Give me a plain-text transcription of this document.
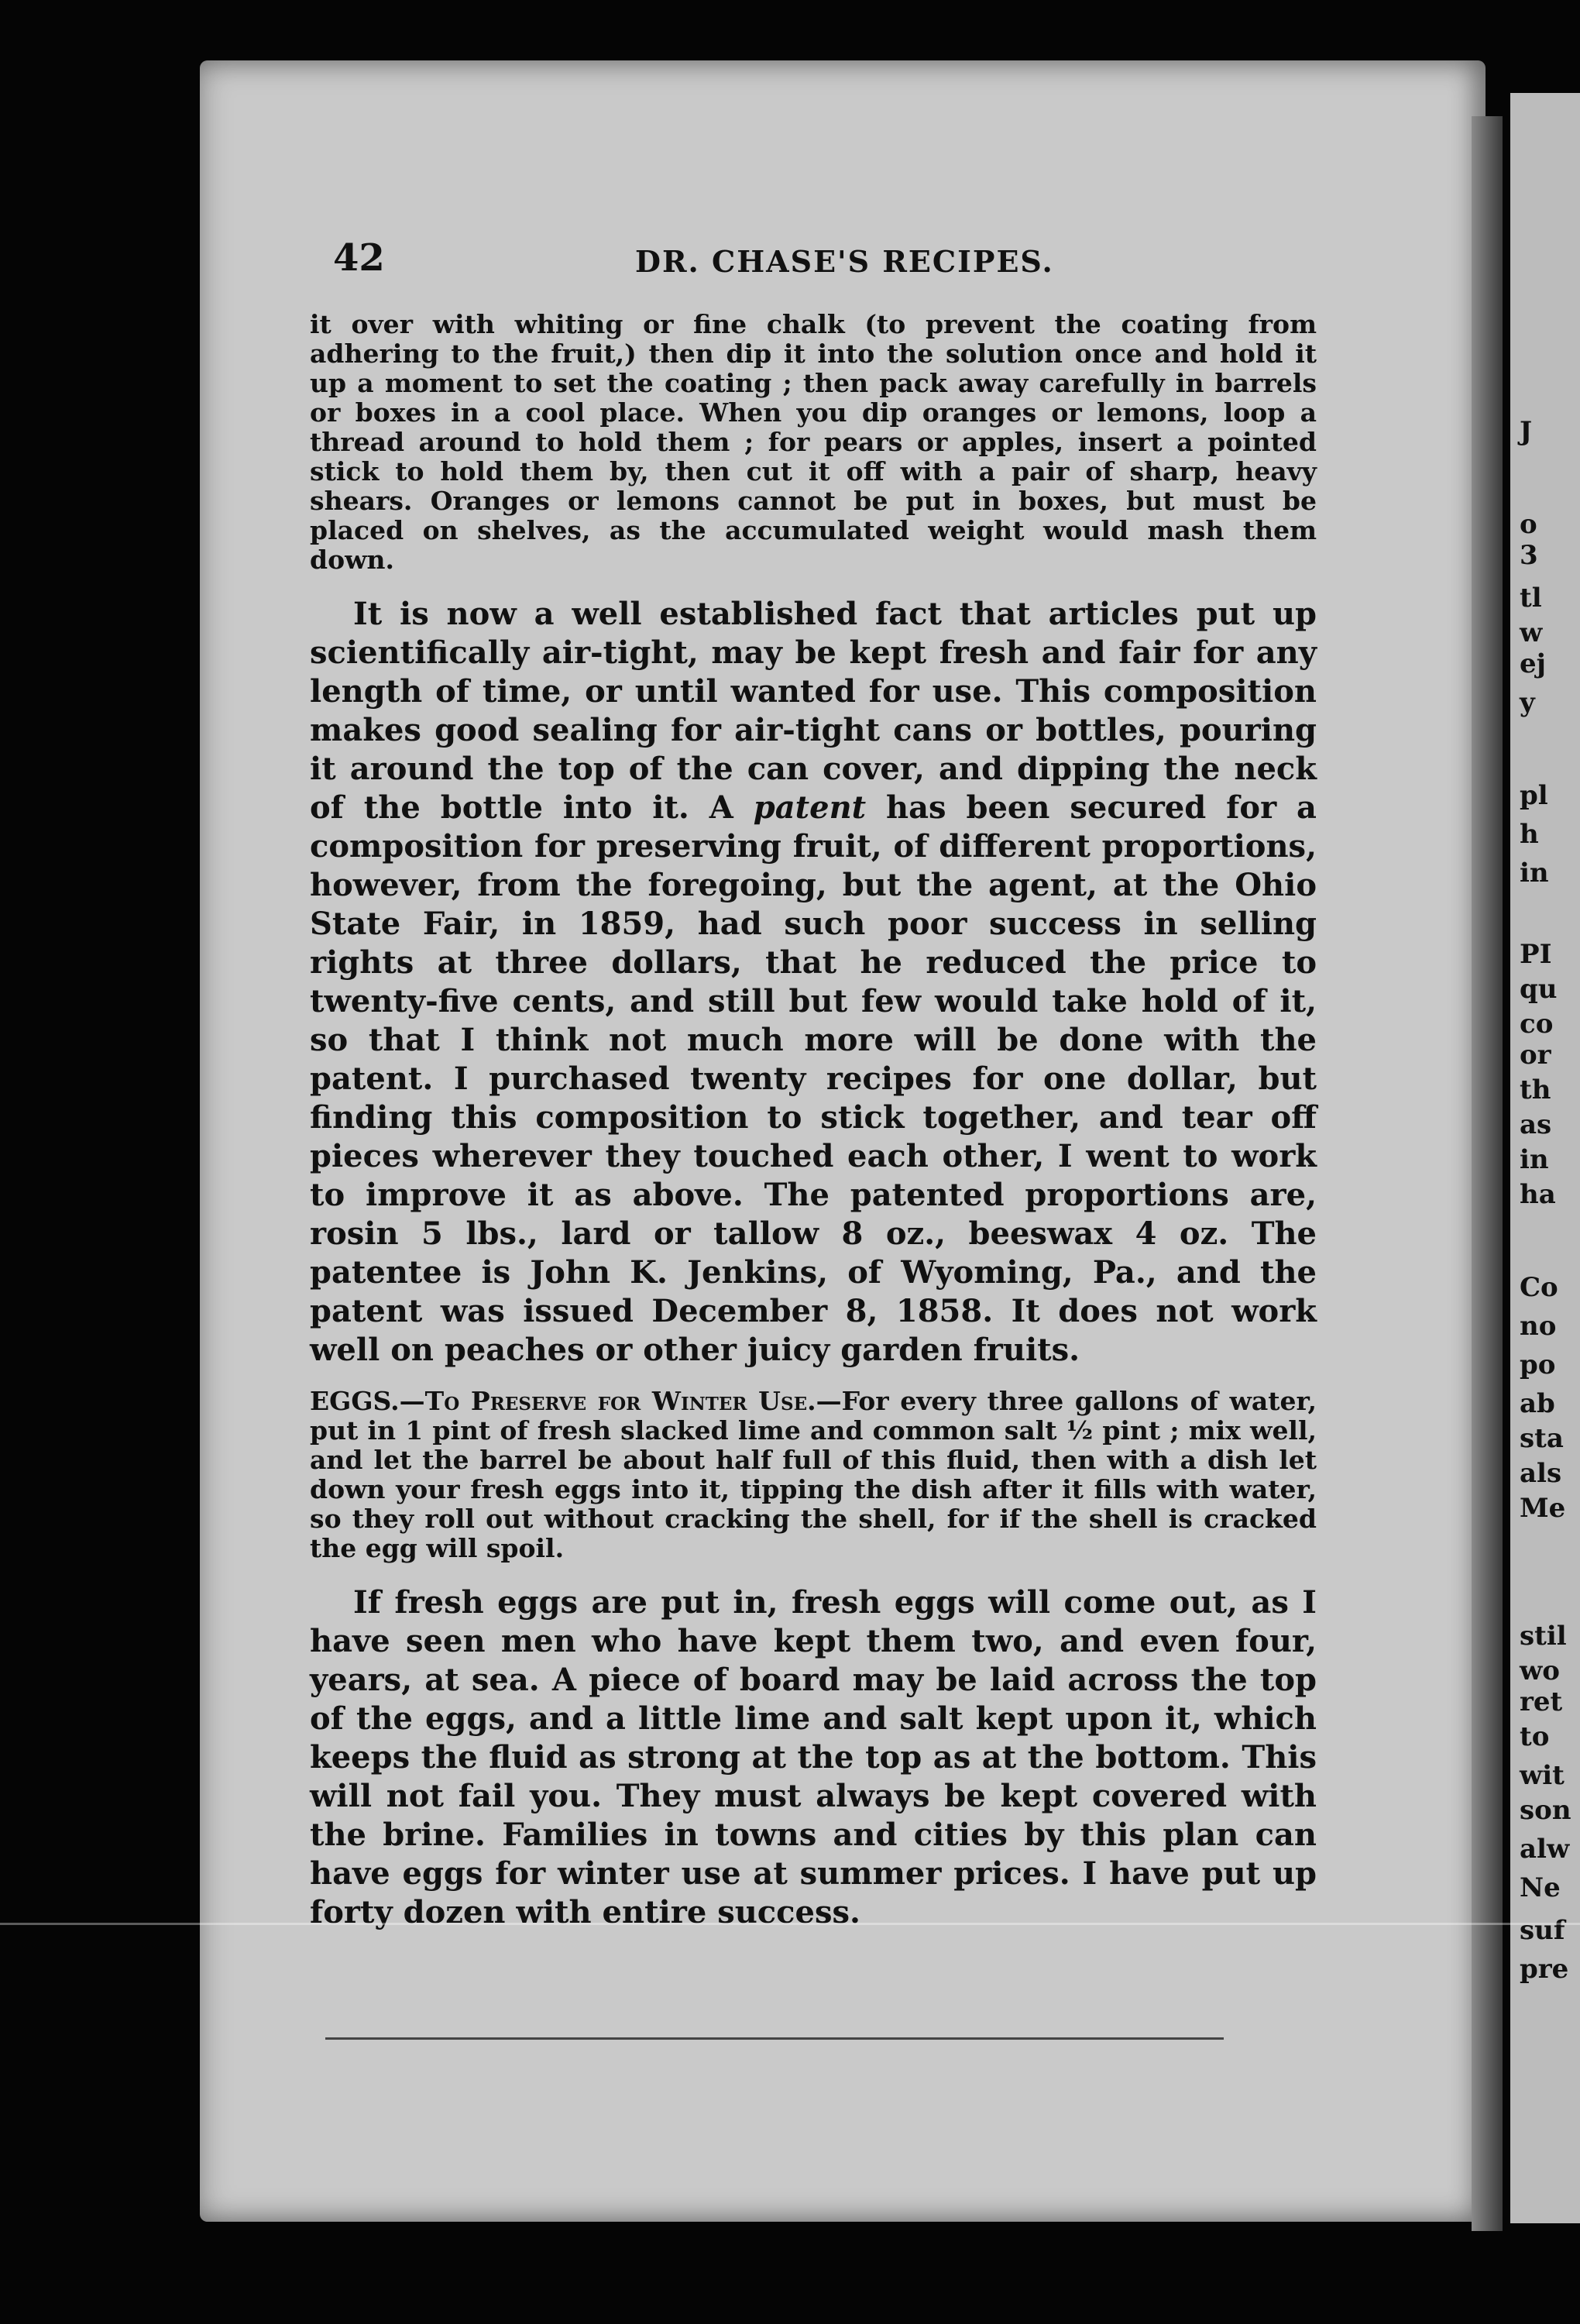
J
o
3
tl
w
ej
y
pl
h
in
PI
qu
co
or
th
as
in
ha
Co
no
po
ab
sta
als
Me
stil
wo
ret
to
wit
son
alw
Ne
suf
pre
42	DR. CHASE'S RECIPES.

it over with whiting or fine chalk (to prevent the coating from adhering to the fruit,) then dip it into the solution once and hold it up a moment to set the coating ; then pack away carefully in barrels or boxes in a cool place. When you dip oranges or lemons, loop a thread around to hold them ; for pears or apples, insert a pointed stick to hold them by, then cut it off with a pair of sharp, heavy shears. Oranges or lemons cannot be put in boxes, but must be placed on shelves, as the accumulated weight would mash them down.

It is now a well established fact that articles put up scientifically air-tight, may be kept fresh and fair for any length of time, or until wanted for use. This composition makes good sealing for air-tight cans or bottles, pouring it around the top of the can cover, and dipping the neck of the bottle into it. A patent has been secured for a composition for preserving fruit, of different proportions, however, from the foregoing, but the agent, at the Ohio State Fair, in 1859, had such poor success in selling rights at three dollars, that he reduced the price to twenty-five cents, and still but few would take hold of it, so that I think not much more will be done with the patent. I purchased twenty recipes for one dollar, but finding this composition to stick together, and tear off pieces wherever they touched each other, I went to work to improve it as above. The patented proportions are, rosin 5 lbs., lard or tallow 8 oz., beeswax 4 oz. The patentee is John K. Jenkins, of Wyoming, Pa., and the patent was issued December 8, 1858. It does not work well on peaches or other juicy garden fruits.

EGGS.—To Preserve for Winter Use.—For every three gallons of water, put in 1 pint of fresh slacked lime and common salt ½ pint ; mix well, and let the barrel be about half full of this fluid, then with a dish let down your fresh eggs into it, tipping the dish after it fills with water, so they roll out without cracking the shell, for if the shell is cracked the egg will spoil.

If fresh eggs are put in, fresh eggs will come out, as I have seen men who have kept them two, and even four, years, at sea. A piece of board may be laid across the top of the eggs, and a little lime and salt kept upon it, which keeps the fluid as strong at the top as at the bottom. This will not fail you. They must always be kept covered with the brine. Families in towns and cities by this plan can have eggs for winter use at summer prices. I have put up forty dozen with entire success.
